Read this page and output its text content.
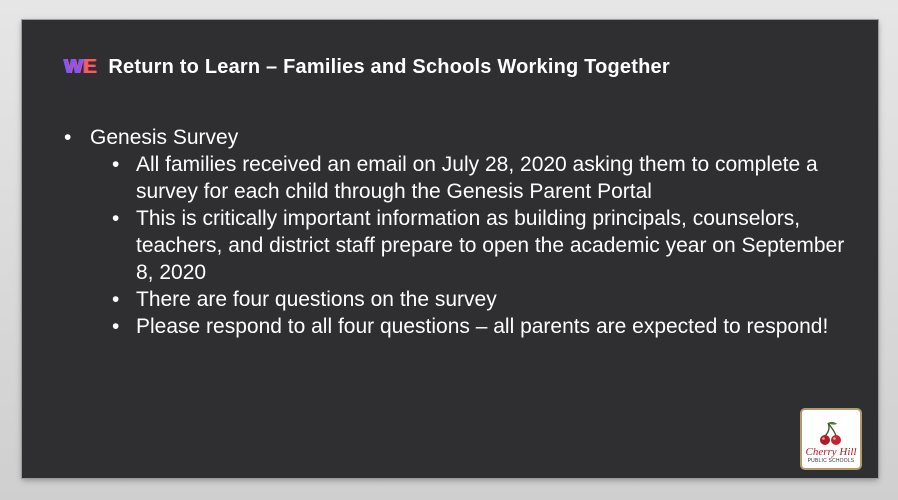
WE Return to Learn – Families and Schools Working Together
• Genesis Survey
• All families received an email on July 28, 2020 asking them to complete a survey for each child through the Genesis Parent Portal
• This is critically important information as building principals, counselors, teachers, and district staff prepare to open the academic year on September 8, 2020
• There are four questions on the survey
• Please respond to all four questions – all parents are expected to respond!
Cherry Hill
PUBLIC SCHOOLS
